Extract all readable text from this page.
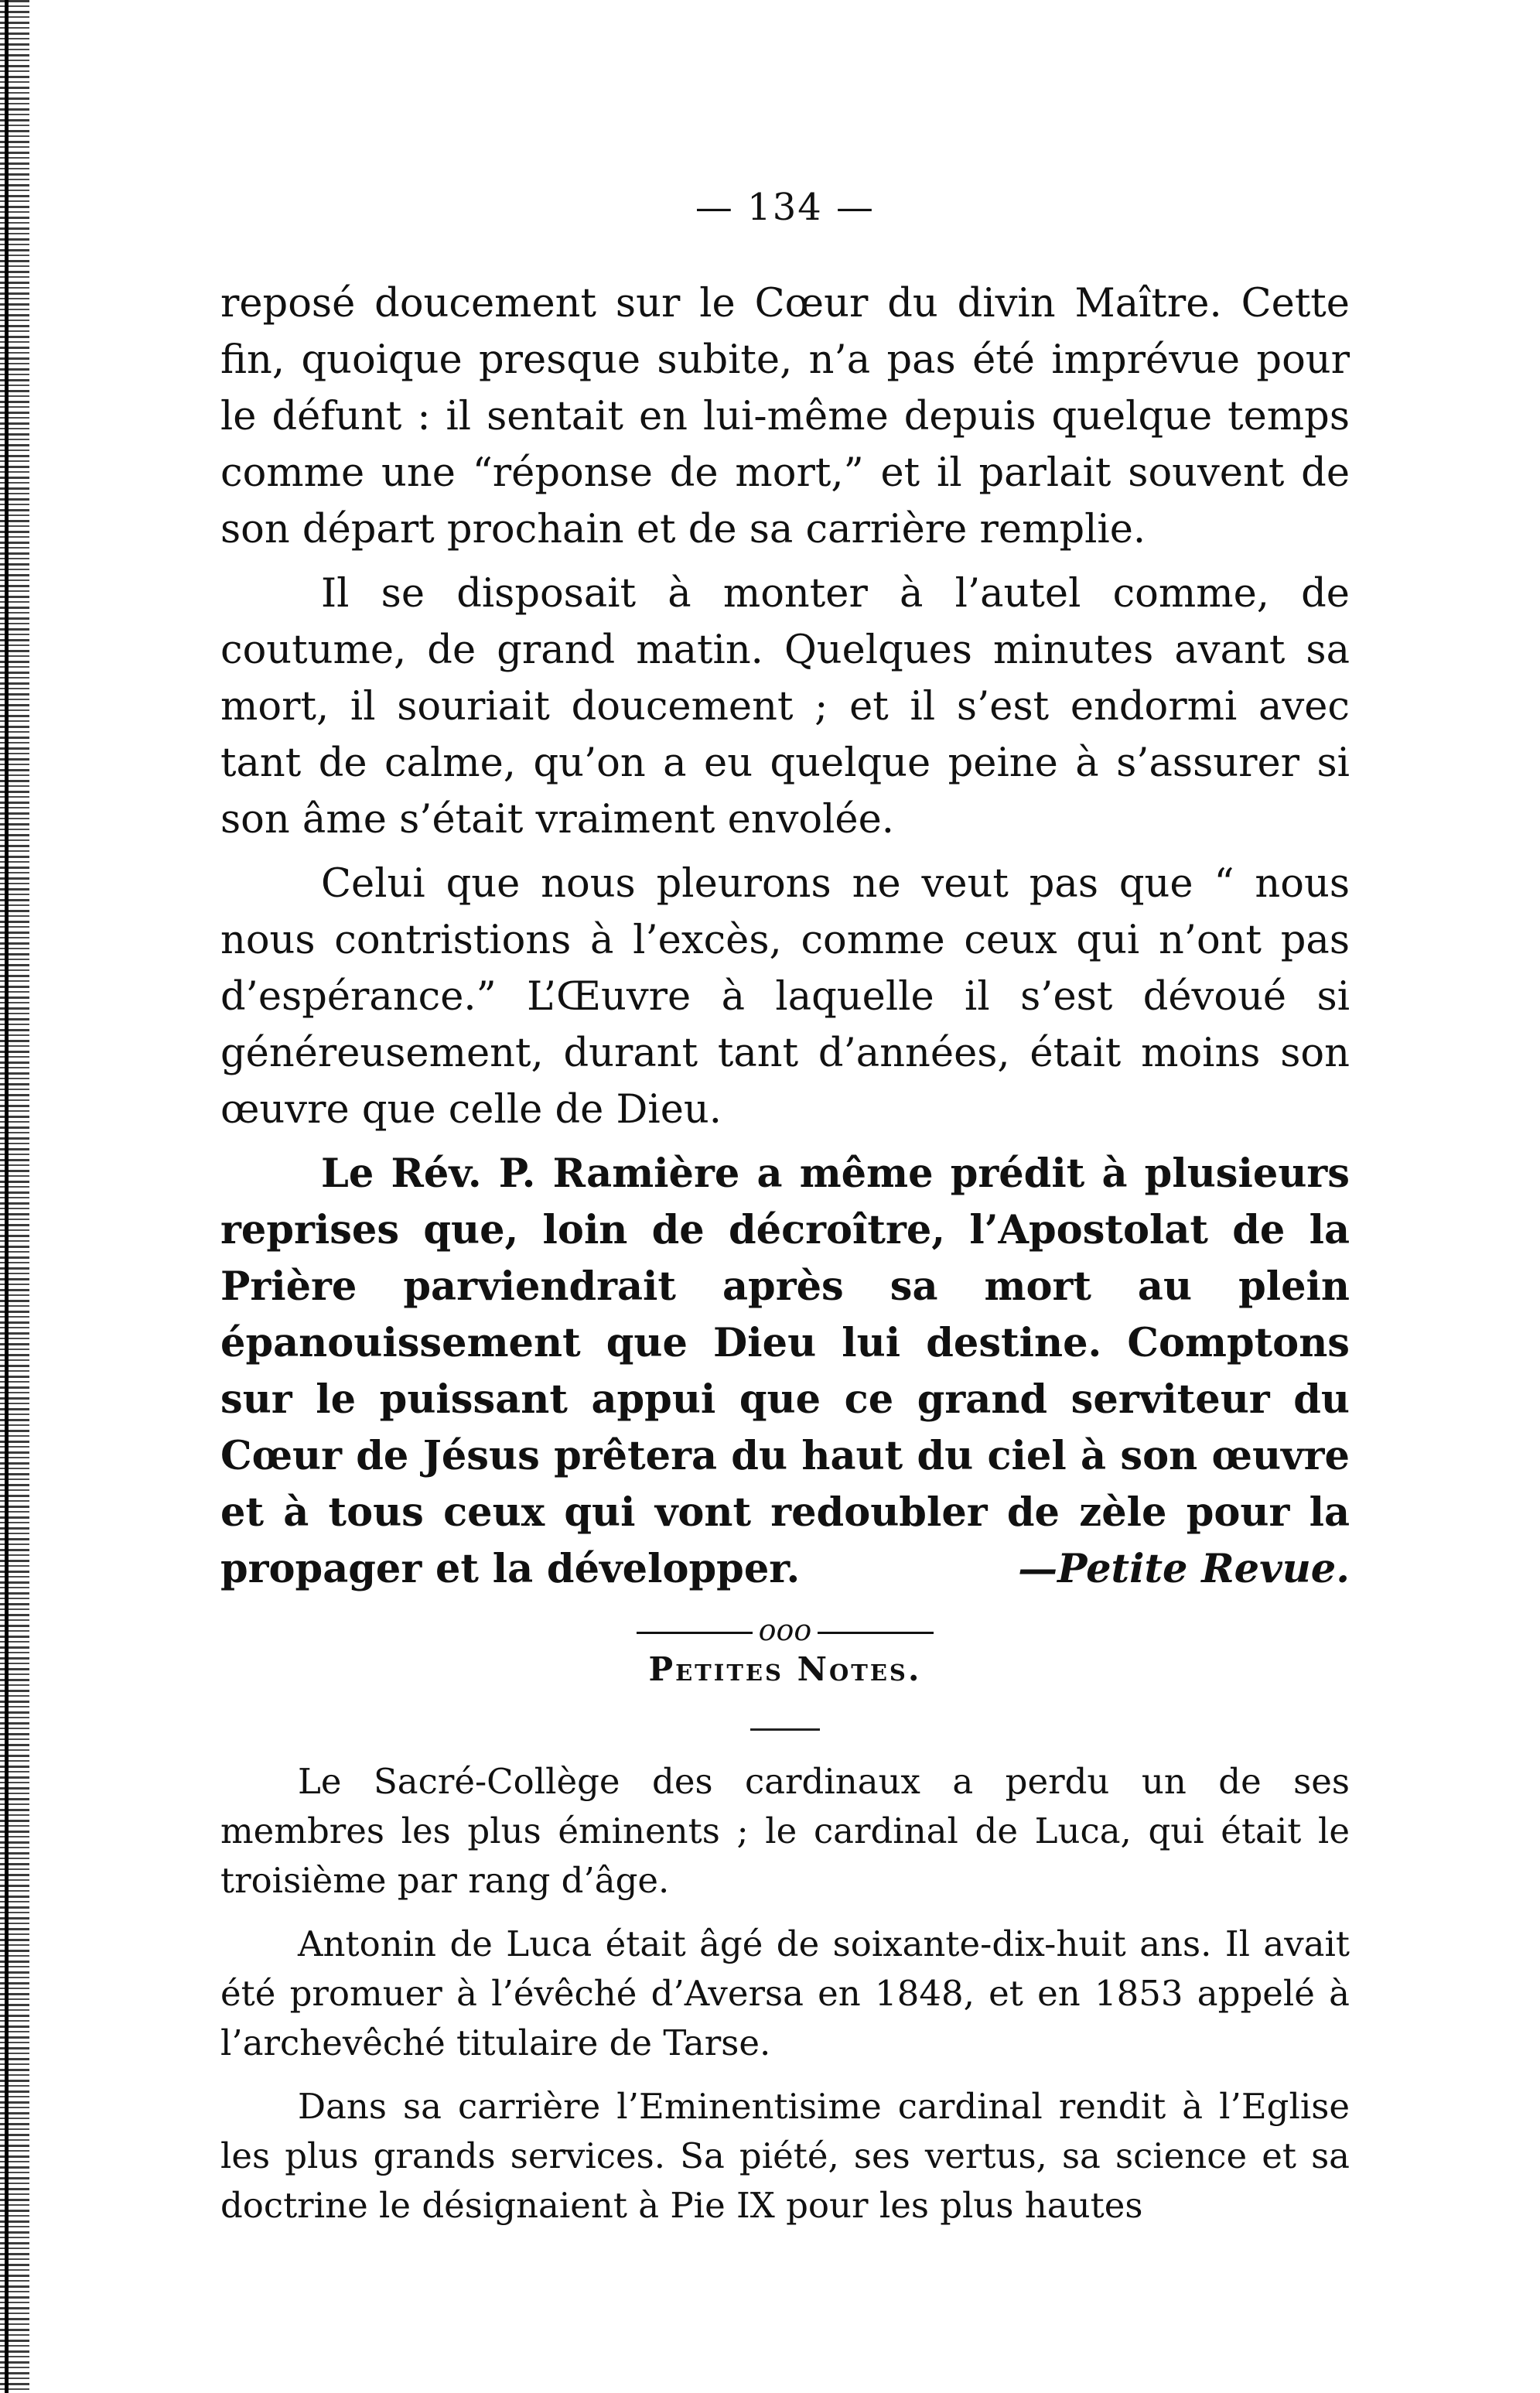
— 134 —

reposé doucement sur le Cœur du divin Maître. Cette fin, quoique presque subite, n’a pas été imprévue pour le défunt : il sentait en lui-même depuis quelque temps comme une “réponse de mort,” et il parlait souvent de son départ prochain et de sa carrière remplie.

Il se disposait à monter à l’autel comme, de coutume, de grand matin. Quelques minutes avant sa mort, il souriait doucement ; et il s’est endormi avec tant de calme, qu’on a eu quelque peine à s’assurer si son âme s’était vraiment envolée.

Celui que nous pleurons ne veut pas que “ nous nous contristions à l’excès, comme ceux qui n’ont pas d’espérance.” L’Œuvre à laquelle il s’est dévoué si généreusement, durant tant d’années, était moins son œuvre que celle de Dieu.

Le Rév. P. Ramière a même prédit à plusieurs reprises que, loin de décroître, l’Apostolat de la Prière parviendrait après sa mort au plein épanouissement que Dieu lui destine. Comptons sur le puissant appui que ce grand serviteur du Cœur de Jésus prêtera du haut du ciel à son œuvre et à tous ceux qui vont redoubler de zèle pour la propager et la développer.	—Petite Revue.
ooo
Petites Notes.

Le Sacré-Collège des cardinaux a perdu un de ses membres les plus éminents ; le cardinal de Luca, qui était le troisième par rang d’âge.

Antonin de Luca était âgé de soixante-dix-huit ans. Il avait été promuer à l’évêché d’Aversa en 1848, et en 1853 appelé à l’archevêché titulaire de Tarse.

Dans sa carrière l’Eminentisime cardinal rendit à l’Eglise les plus grands services. Sa piété, ses vertus, sa science et sa doctrine le désignaient à Pie IX pour les plus hautes
